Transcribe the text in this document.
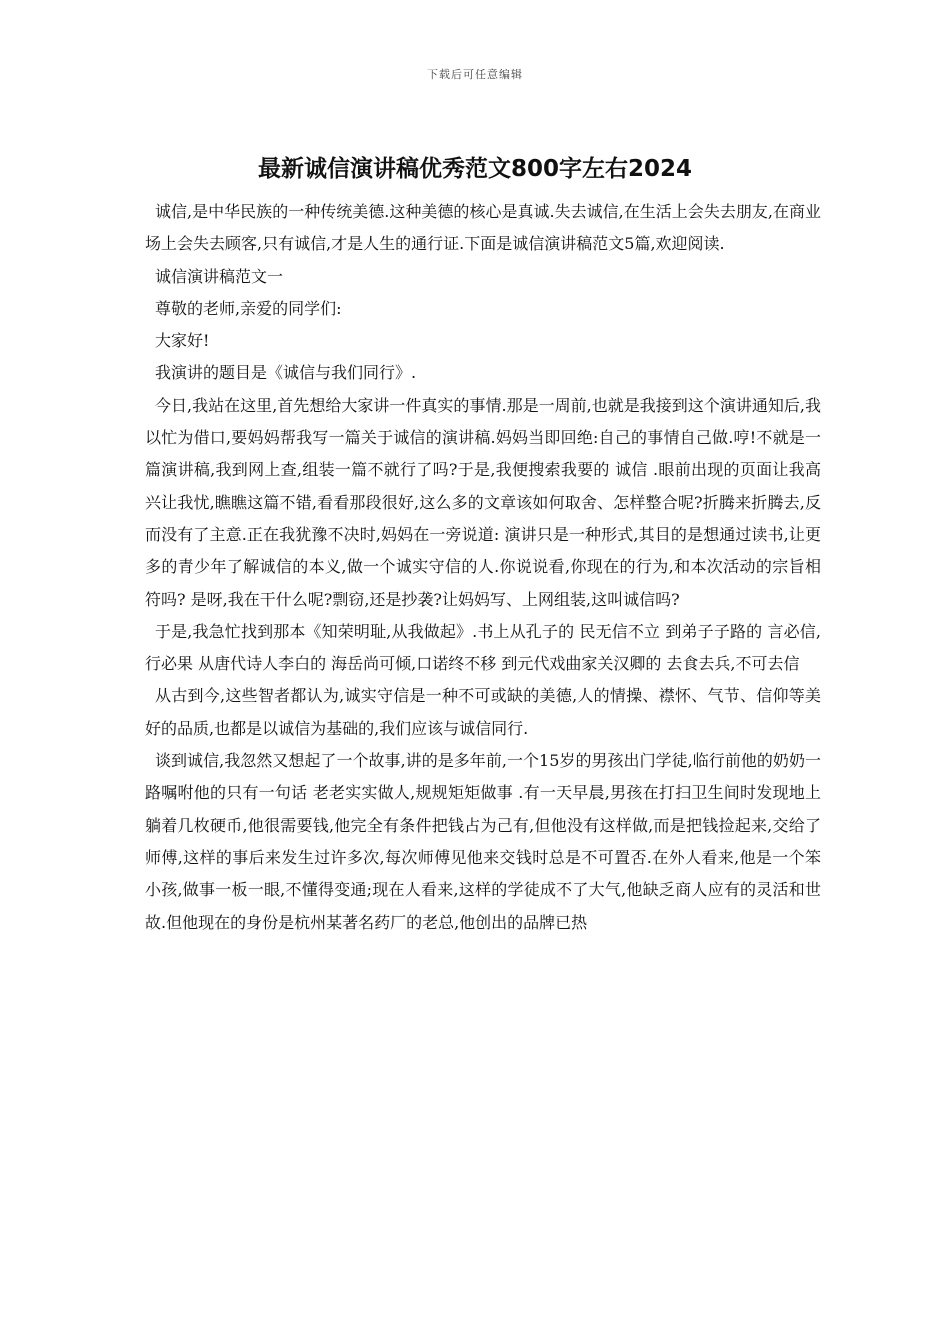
下载后可任意编辑
最新诚信演讲稿优秀范文800字左右2024

诚信,是中华民族的一种传统美德.这种美德的核心是真诚.失去诚信,在生活上会失去朋友,在商业场上会失去顾客,只有诚信,才是人生的通行证.下面是诚信演讲稿范文5篇,欢迎阅读.

诚信演讲稿范文一

尊敬的老师,亲爱的同学们:

大家好!

我演讲的题目是《诚信与我们同行》.

今日,我站在这里,首先想给大家讲一件真实的事情.那是一周前,也就是我接到这个演讲通知后,我以忙为借口,要妈妈帮我写一篇关于诚信的演讲稿.妈妈当即回绝:自己的事情自己做.哼!不就是一篇演讲稿,我到网上查,组装一篇不就行了吗?于是,我便搜索我要的 诚信 .眼前出现的页面让我高兴让我忧,瞧瞧这篇不错,看看那段很好,这么多的文章该如何取舍、怎样整合呢?折腾来折腾去,反而没有了主意.正在我犹豫不决时,妈妈在一旁说道: 演讲只是一种形式,其目的是想通过读书,让更多的青少年了解诚信的本义,做一个诚实守信的人.你说说看,你现在的行为,和本次活动的宗旨相符吗? 是呀,我在干什么呢?剽窃,还是抄袭?让妈妈写、上网组装,这叫诚信吗?

于是,我急忙找到那本《知荣明耻,从我做起》.书上从孔子的 民无信不立 到弟子子路的 言必信,行必果 从唐代诗人李白的 海岳尚可倾,口诺终不移 到元代戏曲家关汉卿的 去食去兵,不可去信

从古到今,这些智者都认为,诚实守信是一种不可或缺的美德,人的情操、襟怀、气节、信仰等美好的品质,也都是以诚信为基础的,我们应该与诚信同行.

谈到诚信,我忽然又想起了一个故事,讲的是多年前,一个15岁的男孩出门学徒,临行前他的奶奶一路嘱咐他的只有一句话 老老实实做人,规规矩矩做事 .有一天早晨,男孩在打扫卫生间时发现地上躺着几枚硬币,他很需要钱,他完全有条件把钱占为己有,但他没有这样做,而是把钱捡起来,交给了师傅,这样的事后来发生过许多次,每次师傅见他来交钱时总是不可置否.在外人看来,他是一个笨小孩,做事一板一眼,不懂得变通;现在人看来,这样的学徒成不了大气,他缺乏商人应有的灵活和世故.但他现在的身份是杭州某著名药厂的老总,他创出的品牌已热
